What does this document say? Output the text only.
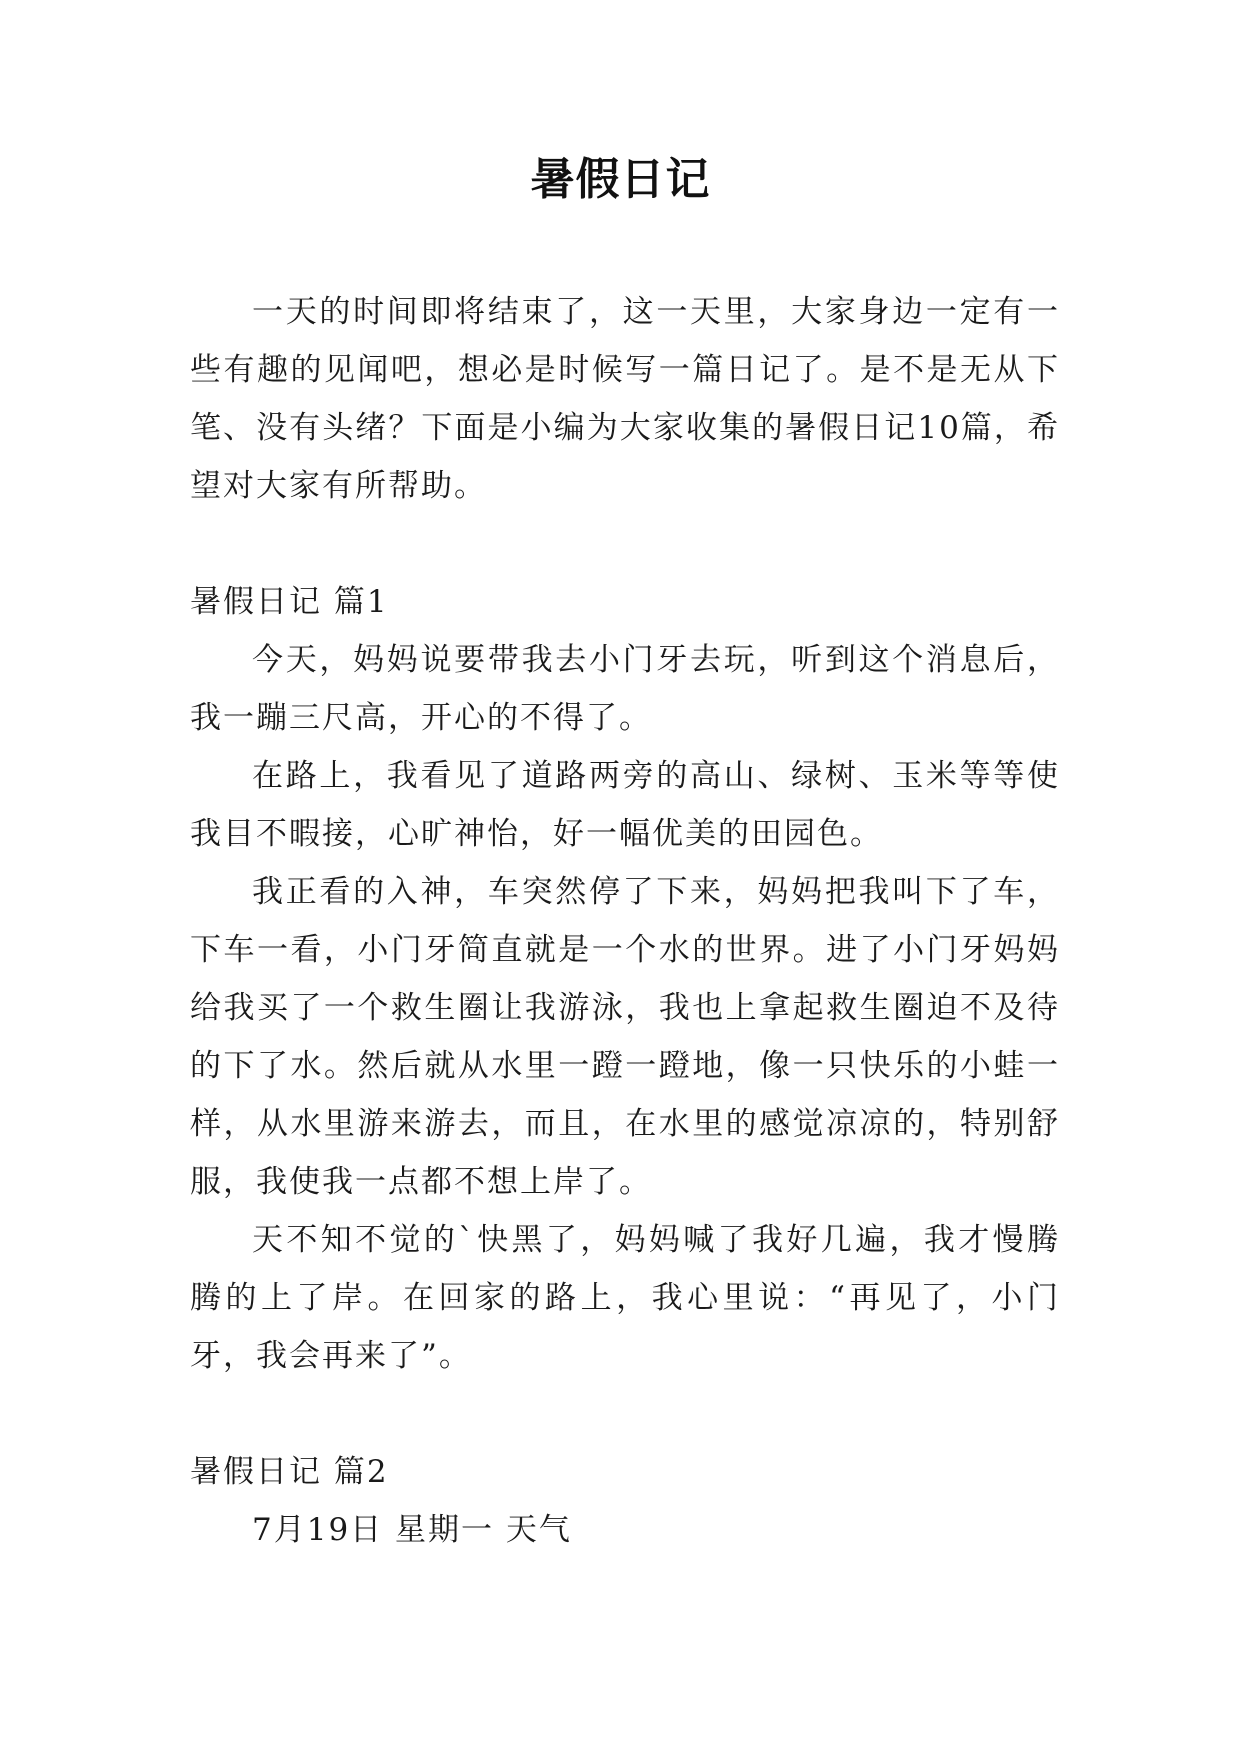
暑假日记

一天的时间即将结束了，这一天里，大家身边一定有一些有趣的见闻吧，想必是时候写一篇日记了。是不是无从下笔、没有头绪？下面是小编为大家收集的暑假日记10篇，希望对大家有所帮助。

暑假日记 篇1

今天，妈妈说要带我去小门牙去玩，听到这个消息后，我一蹦三尺高，开心的不得了。

在路上，我看见了道路两旁的高山、绿树、玉米等等使我目不暇接，心旷神怡，好一幅优美的田园色。

我正看的入神，车突然停了下来，妈妈把我叫下了车，下车一看，小门牙简直就是一个水的世界。进了小门牙妈妈给我买了一个救生圈让我游泳，我也上拿起救生圈迫不及待的下了水。然后就从水里一蹬一蹬地，像一只快乐的小蛙一样，从水里游来游去，而且，在水里的感觉凉凉的，特别舒服，我使我一点都不想上岸了。

天不知不觉的`快黑了，妈妈喊了我好几遍，我才慢腾腾的上了岸。在回家的路上，我心里说：“再见了，小门牙，我会再来了”。

暑假日记 篇2

7月19日 星期一 天气
